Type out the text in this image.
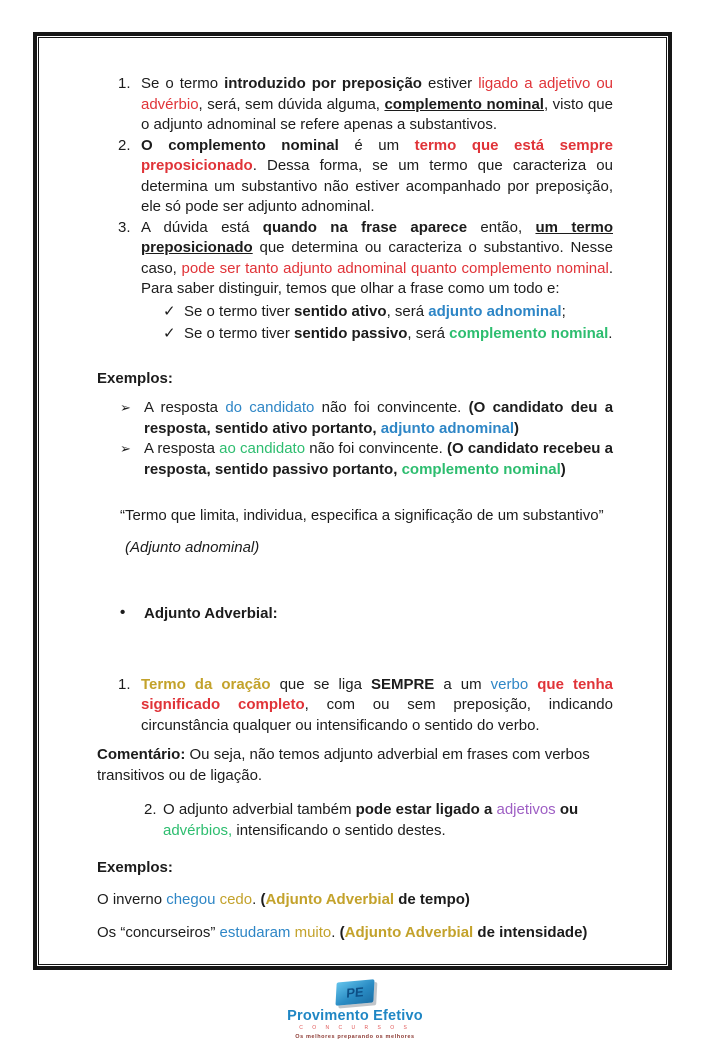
1. Se o termo introduzido por preposição estiver ligado a adjetivo ou advérbio, será, sem dúvida alguma, complemento nominal, visto que o adjunto adnominal se refere apenas a substantivos.

2. O complemento nominal é um termo que está sempre preposicionado. Dessa forma, se um termo que caracteriza ou determina um substantivo não estiver acompanhado por preposição, ele só pode ser adjunto adnominal.

3. A dúvida está quando na frase aparece então, um termo preposicionado que determina ou caracteriza o substantivo. Nesse caso, pode ser tanto adjunto adnominal quanto complemento nominal. Para saber distinguir, temos que olhar a frase como um todo e:

✓ Se o termo tiver sentido ativo, será adjunto adnominal;

✓ Se o termo tiver sentido passivo, será complemento nominal.

Exemplos:

➢ A resposta do candidato não foi convincente. (O candidato deu a resposta, sentido ativo portanto, adjunto adnominal)

➢ A resposta ao candidato não foi convincente. (O candidato recebeu a resposta, sentido passivo portanto, complemento nominal)

“Termo que limita, individua, especifica a significação de um substantivo”

(Adjunto adnominal)

• Adjunto Adverbial:

1. Termo da oração que se liga SEMPRE a um verbo que tenha significado completo, com ou sem preposição, indicando circunstância qualquer ou intensificando o sentido do verbo.

Comentário: Ou seja, não temos adjunto adverbial em frases com verbos transitivos ou de ligação.

2. O adjunto adverbial também pode estar ligado a adjetivos ou advérbios, intensificando o sentido destes.

Exemplos:

O inverno chegou cedo. (Adjunto Adverbial de tempo)

Os “concurseiros” estudaram muito. (Adjunto Adverbial de intensidade)

PE
Provimento Efetivo
C O N C U R S O S
Os melhores preparando os melhores
